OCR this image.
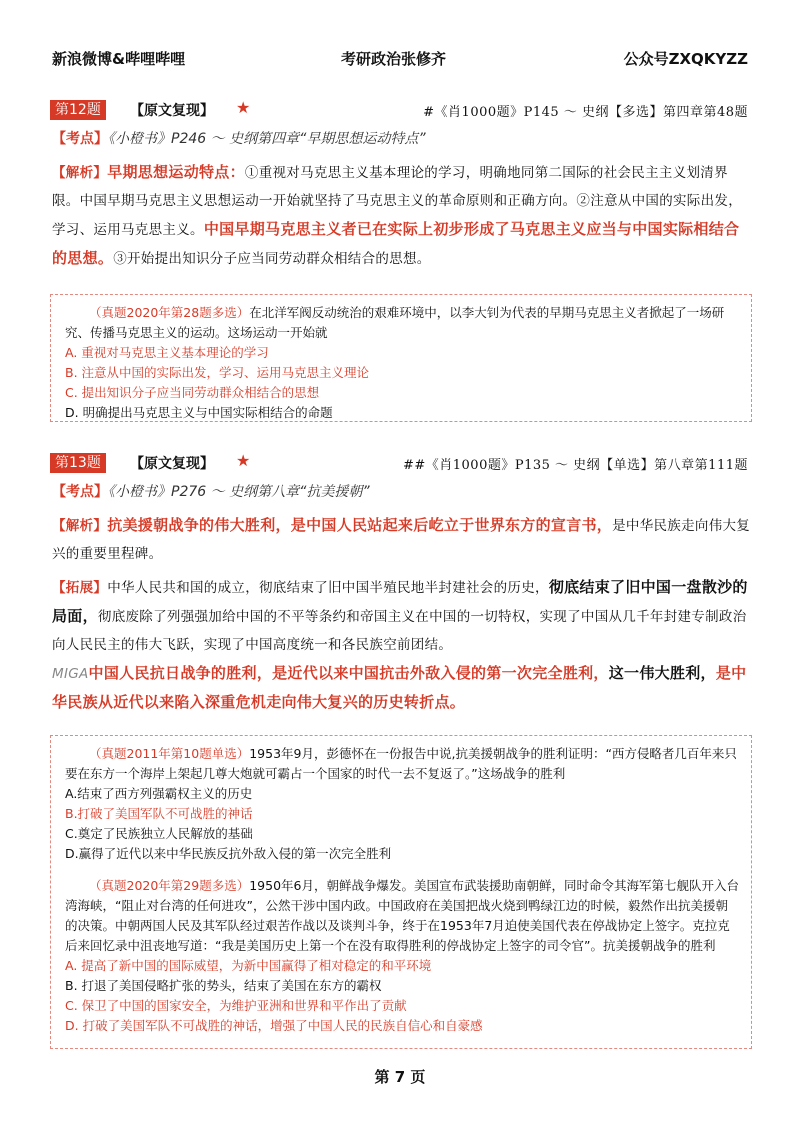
新浪微博&哔哩哔哩	考研政治张修齐	公众号ZXQKYZZ
第12题	【原文复现】 ★	#《肖1000题》P145 ～ 史纲【多选】第四章第48题
【考点】《小橙书》P246 ～ 史纲第四章“早期思想运动特点”
【解析】早期思想运动特点：①重视对马克思主义基本理论的学习，明确地同第二国际的社会民主主义划清界限。中国早期马克思主义思想运动一开始就坚持了马克思主义的革命原则和正确方向。②注意从中国的实际出发，学习、运用马克思主义。中国早期马克思主义者已在实际上初步形成了马克思主义应当与中国实际相结合的思想。③开始提出知识分子应当同劳动群众相结合的思想。
（真题2020年第28题多选）在北洋军阀反动统治的艰难环境中，以李大钊为代表的早期马克思主义者掀起了一场研究、传播马克思主义的运动。这场运动一开始就
A. 重视对马克思主义基本理论的学习
B. 注意从中国的实际出发，学习、运用马克思主义理论
C. 提出知识分子应当同劳动群众相结合的思想
D. 明确提出马克思主义与中国实际相结合的命题
第13题	【原文复现】 ★	##《肖1000题》P135 ～ 史纲【单选】第八章第111题
【考点】《小橙书》P276 ～ 史纲第八章“抗美援朝”
【解析】抗美援朝战争的伟大胜利，是中国人民站起来后屹立于世界东方的宣言书，是中华民族走向伟大复兴的重要里程碑。
【拓展】中华人民共和国的成立，彻底结束了旧中国半殖民地半封建社会的历史，彻底结束了旧中国一盘散沙的局面，彻底废除了列强强加给中国的不平等条约和帝国主义在中国的一切特权，实现了中国从几千年封建专制政治向人民民主的伟大飞跃，实现了中国高度统一和各民族空前团结。
MIGA中国人民抗日战争的胜利，是近代以来中国抗击外敌入侵的第一次完全胜利，这一伟大胜利，是中华民族从近代以来陷入深重危机走向伟大复兴的历史转折点。
（真题2011年第10题单选）1953年9月，彭德怀在一份报告中说,抗美援朝战争的胜利证明：“西方侵略者几百年来只要在东方一个海岸上架起几尊大炮就可霸占一个国家的时代一去不复返了。”这场战争的胜利
A.结束了西方列强霸权主义的历史
B.打破了美国军队不可战胜的神话
C.奠定了民族独立人民解放的基础
D.赢得了近代以来中华民族反抗外敌入侵的第一次完全胜利
（真题2020年第29题多选）1950年6月，朝鲜战争爆发。美国宣布武装援助南朝鲜，同时命令其海军第七舰队开入台湾海峡，“阻止对台湾的任何进攻”，公然干涉中国内政。中国政府在美国把战火烧到鸭绿江边的时候，毅然作出抗美援朝的决策。中朝两国人民及其军队经过艰苦作战以及谈判斗争，终于在1953年7月迫使美国代表在停战协定上签字。克拉克后来回忆录中沮丧地写道：“我是美国历史上第一个在没有取得胜利的停战协定上签字的司令官”。抗美援朝战争的胜利
A. 提高了新中国的国际威望，为新中国赢得了相对稳定的和平环境
B. 打退了美国侵略扩张的势头，结束了美国在东方的霸权
C. 保卫了中国的国家安全，为维护亚洲和世界和平作出了贡献
D. 打破了美国军队不可战胜的神话，增强了中国人民的民族自信心和自豪感
第 7 页
